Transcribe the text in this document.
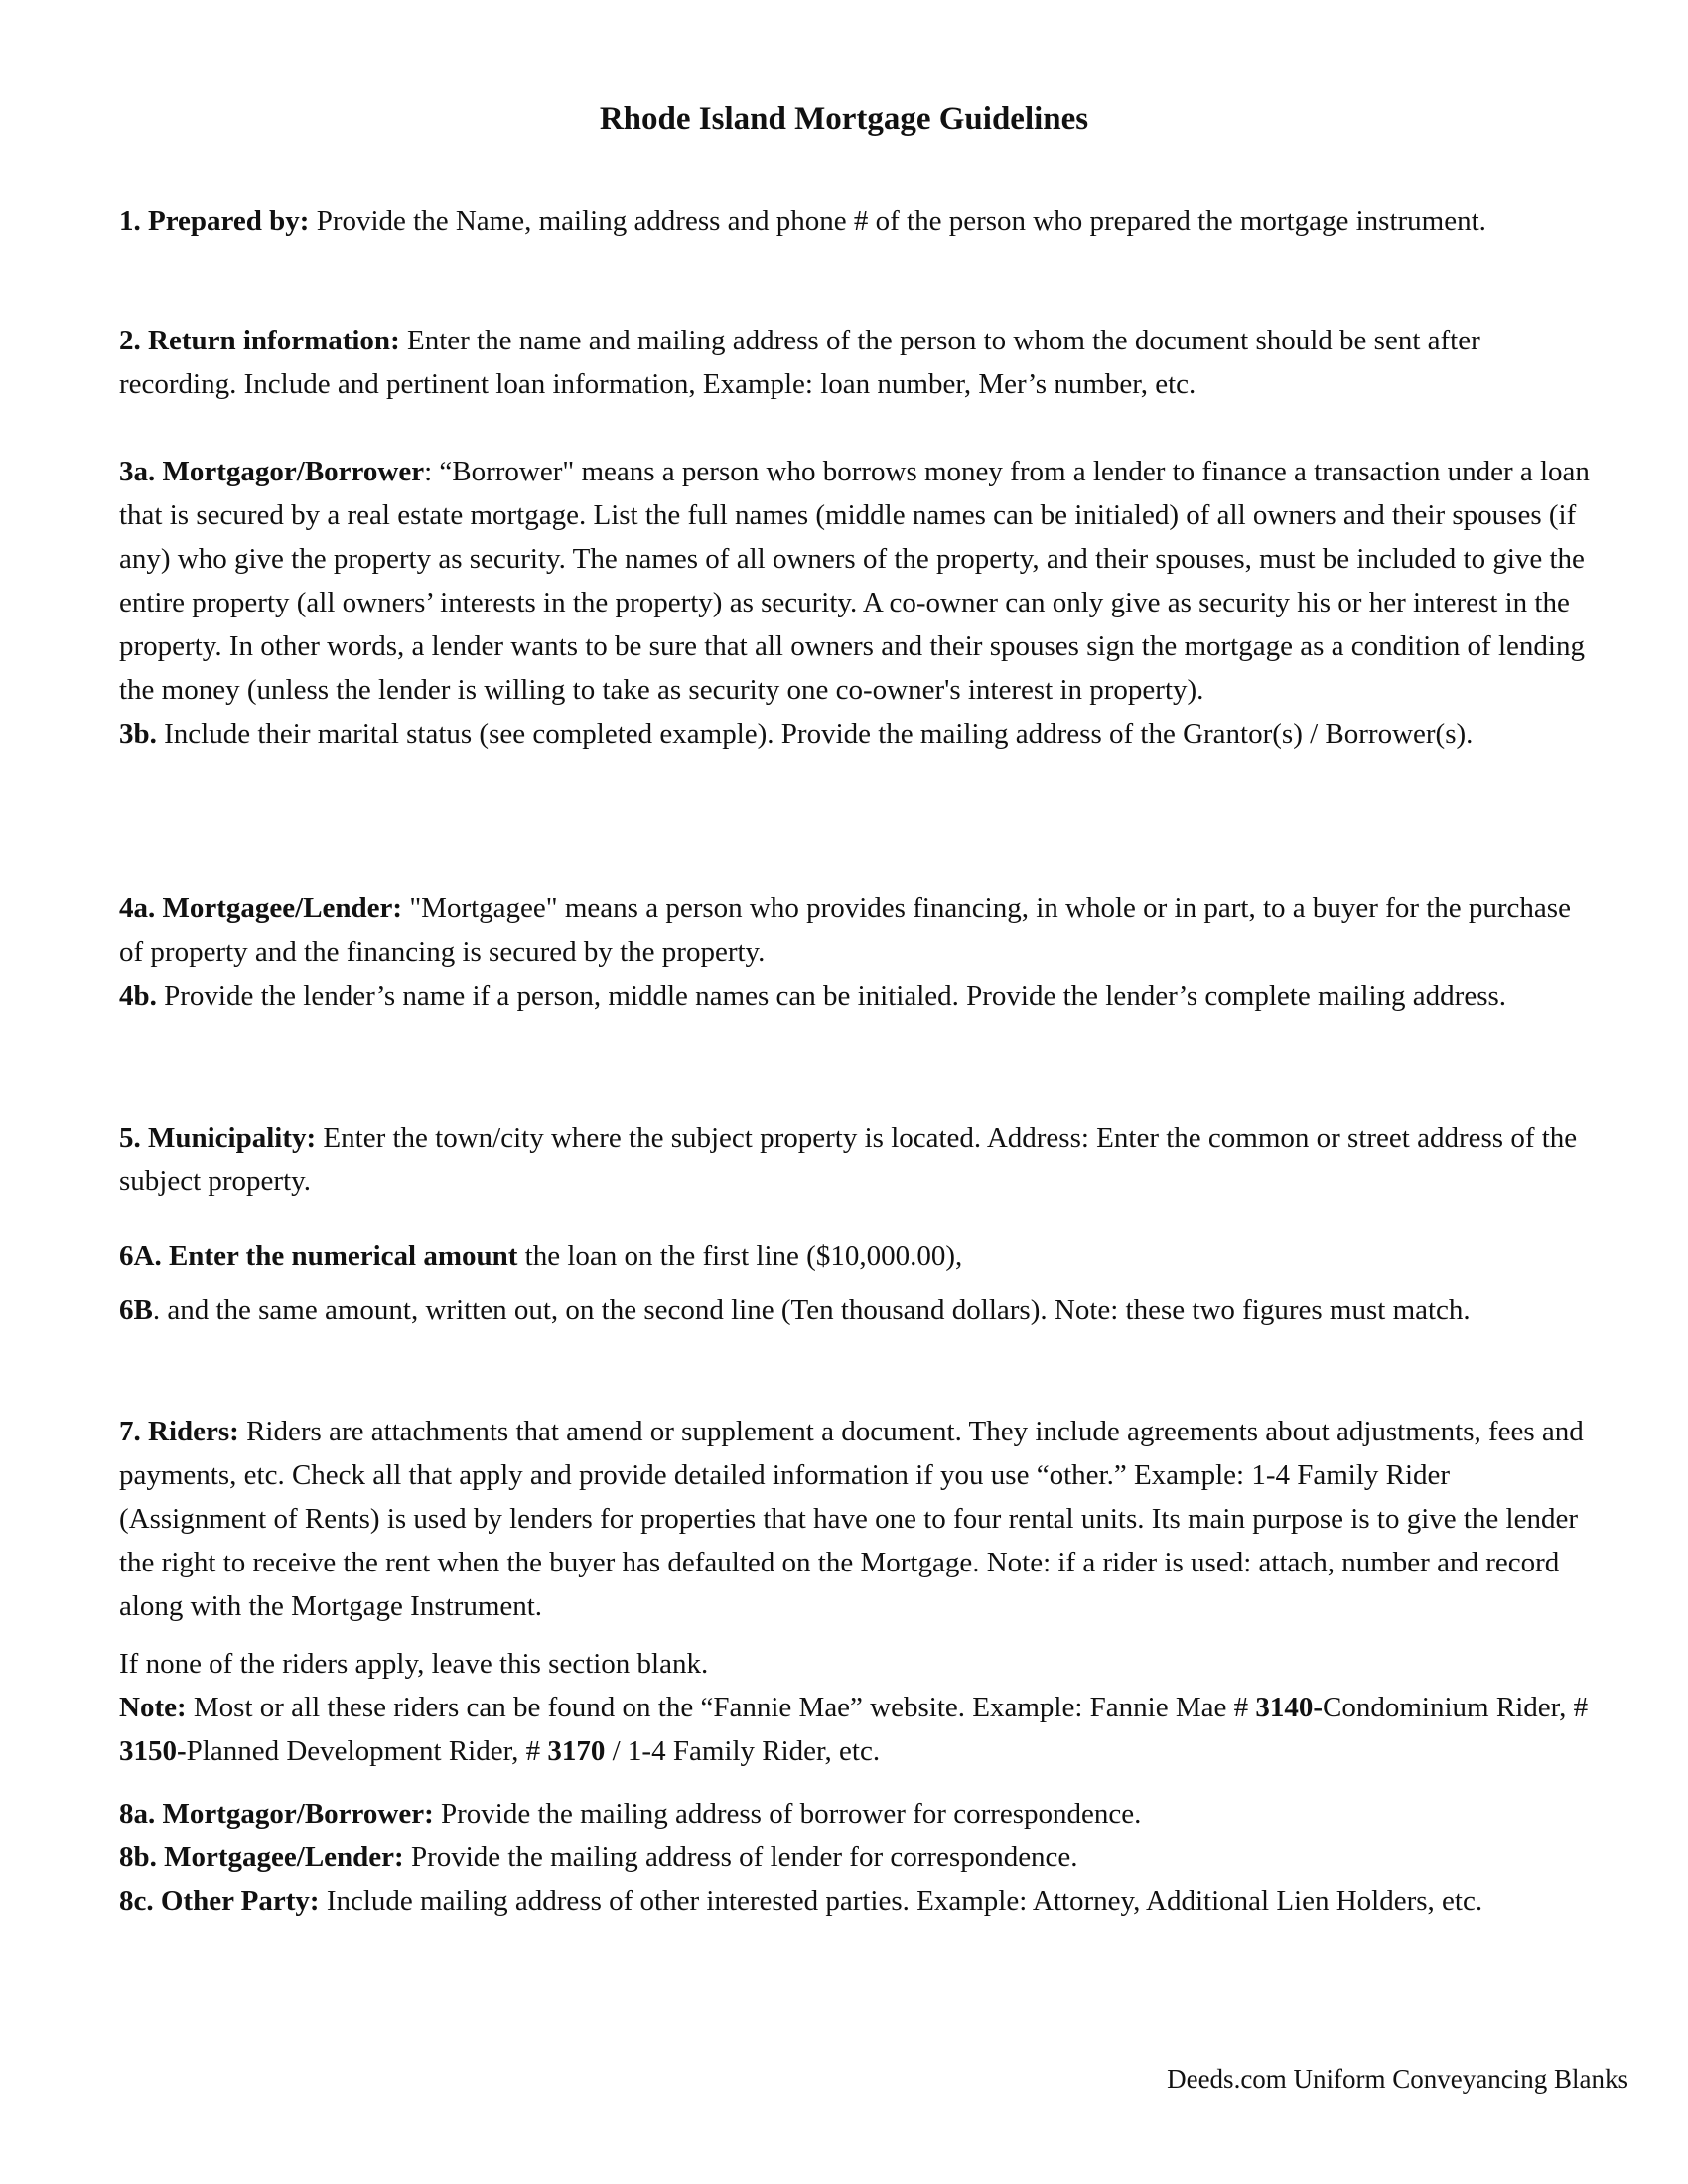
Rhode Island Mortgage Guidelines

1. Prepared by: Provide the Name, mailing address and phone # of the person who prepared the mortgage instrument.

2. Return information: Enter the name and mailing address of the person to whom the document should be sent after recording. Include and pertinent loan information, Example: loan number, Mer’s number, etc.

3a. Mortgagor/Borrower: “Borrower" means a person who borrows money from a lender to finance a transaction under a loan that is secured by a real estate mortgage. List the full names (middle names can be initialed) of all owners and their spouses (if any) who give the property as security. The names of all owners of the property, and their spouses, must be included to give the entire property (all owners’ interests in the property) as security. A co-owner can only give as security his or her interest in the property. In other words, a lender wants to be sure that all owners and their spouses sign the mortgage as a condition of lending the money (unless the lender is willing to take as security one co-owner's interest in property).

3b. Include their marital status (see completed example). Provide the mailing address of the Grantor(s) / Borrower(s).

4a. Mortgagee/Lender: "Mortgagee" means a person who provides financing, in whole or in part, to a buyer for the purchase of property and the financing is secured by the property.

4b. Provide the lender’s name if a person, middle names can be initialed. Provide the lender’s complete mailing address.

5. Municipality: Enter the town/city where the subject property is located. Address: Enter the common or street address of the subject property.

6A. Enter the numerical amount the loan on the first line ($10,000.00),

6B. and the same amount, written out, on the second line (Ten thousand dollars). Note: these two figures must match.

7. Riders: Riders are attachments that amend or supplement a document. They include agreements about adjustments, fees and payments, etc. Check all that apply and provide detailed information if you use “other.” Example: 1-4 Family Rider (Assignment of Rents) is used by lenders for properties that have one to four rental units. Its main purpose is to give the lender the right to receive the rent when the buyer has defaulted on the Mortgage. Note: if a rider is used: attach, number and record along with the Mortgage Instrument.

If none of the riders apply, leave this section blank.

Note: Most or all these riders can be found on the “Fannie Mae” website. Example: Fannie Mae # 3140-Condominium Rider, # 3150-Planned Development Rider, # 3170 / 1-4 Family Rider, etc.

8a. Mortgagor/Borrower: Provide the mailing address of borrower for correspondence.

8b. Mortgagee/Lender: Provide the mailing address of lender for correspondence.

8c. Other Party: Include mailing address of other interested parties. Example: Attorney, Additional Lien Holders, etc.

Deeds.com Uniform Conveyancing Blanks
